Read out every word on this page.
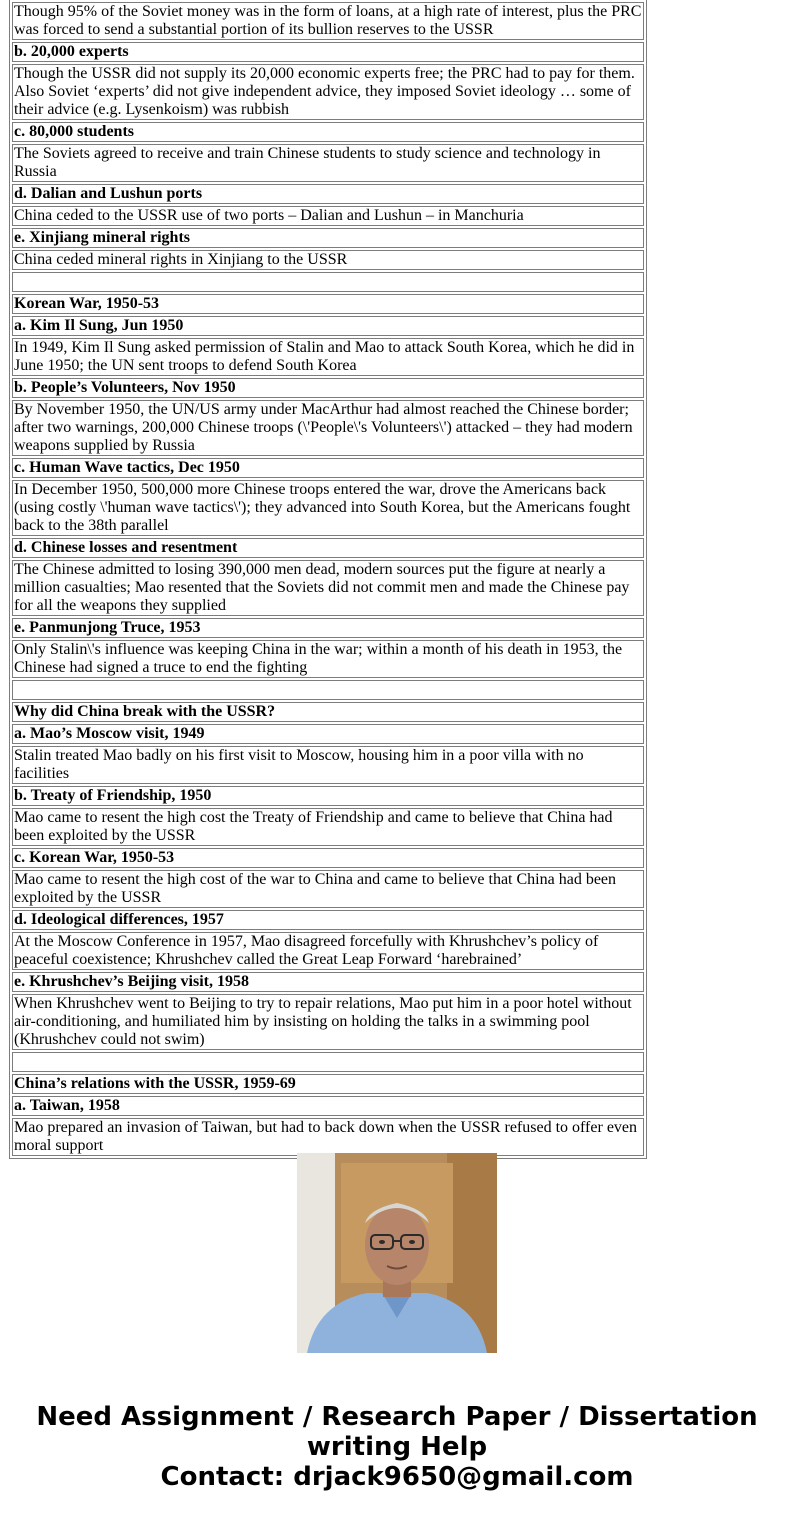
Though 95% of the Soviet money was in the form of loans, at a high rate of interest, plus the PRC was forced to send a substantial portion of its bullion reserves to the USSR
b. 20,000 experts
Though the USSR did not supply its 20,000 economic experts free; the PRC had to pay for them. Also Soviet ‘experts’ did not give independent advice, they imposed Soviet ideology … some of their advice (e.g. Lysenkoism) was rubbish
c. 80,000 students
The Soviets agreed to receive and train Chinese students to study science and technology in Russia
d. Dalian and Lushun ports
China ceded to the USSR use of two ports – Dalian and Lushun – in Manchuria
e. Xinjiang mineral rights
China ceded mineral rights in Xinjiang to the USSR

Korean War, 1950-53
a. Kim Il Sung, Jun 1950
In 1949, Kim Il Sung asked permission of Stalin and Mao to attack South Korea, which he did in June 1950; the UN sent troops to defend South Korea
b. People’s Volunteers, Nov 1950
By November 1950, the UN/US army under MacArthur had almost reached the Chinese border; after two warnings, 200,000 Chinese troops (\'People\'s Volunteers\') attacked – they had modern weapons supplied by Russia
c. Human Wave tactics, Dec 1950
In December 1950, 500,000 more Chinese troops entered the war, drove the Americans back (using costly \'human wave tactics\'); they advanced into South Korea, but the Americans fought back to the 38th parallel
d. Chinese losses and resentment
The Chinese admitted to losing 390,000 men dead, modern sources put the figure at nearly a million casualties; Mao resented that the Soviets did not commit men and made the Chinese pay for all the weapons they supplied
e. Panmunjong Truce, 1953
Only Stalin\'s influence was keeping China in the war; within a month of his death in 1953, the Chinese had signed a truce to end the fighting

Why did China break with the USSR?
a. Mao’s Moscow visit, 1949
Stalin treated Mao badly on his first visit to Moscow, housing him in a poor villa with no facilities
b. Treaty of Friendship, 1950
Mao came to resent the high cost the Treaty of Friendship and came to believe that China had been exploited by the USSR
c. Korean War, 1950-53
Mao came to resent the high cost of the war to China and came to believe that China had been exploited by the USSR
d. Ideological differences, 1957
At the Moscow Conference in 1957, Mao disagreed forcefully with Khrushchev’s policy of peaceful coexistence; Khrushchev called the Great Leap Forward ‘harebrained’
e. Khrushchev’s Beijing visit, 1958
When Khrushchev went to Beijing to try to repair relations, Mao put him in a poor hotel without air-conditioning, and humiliated him by insisting on holding the talks in a swimming pool (Khrushchev could not swim)

China’s relations with the USSR, 1959-69
a. Taiwan, 1958
Mao prepared an invasion of Taiwan, but had to back down when the USSR refused to offer even moral support
Need Assignment / Research Paper / Dissertation
writing Help
Contact: drjack9650@gmail.com
